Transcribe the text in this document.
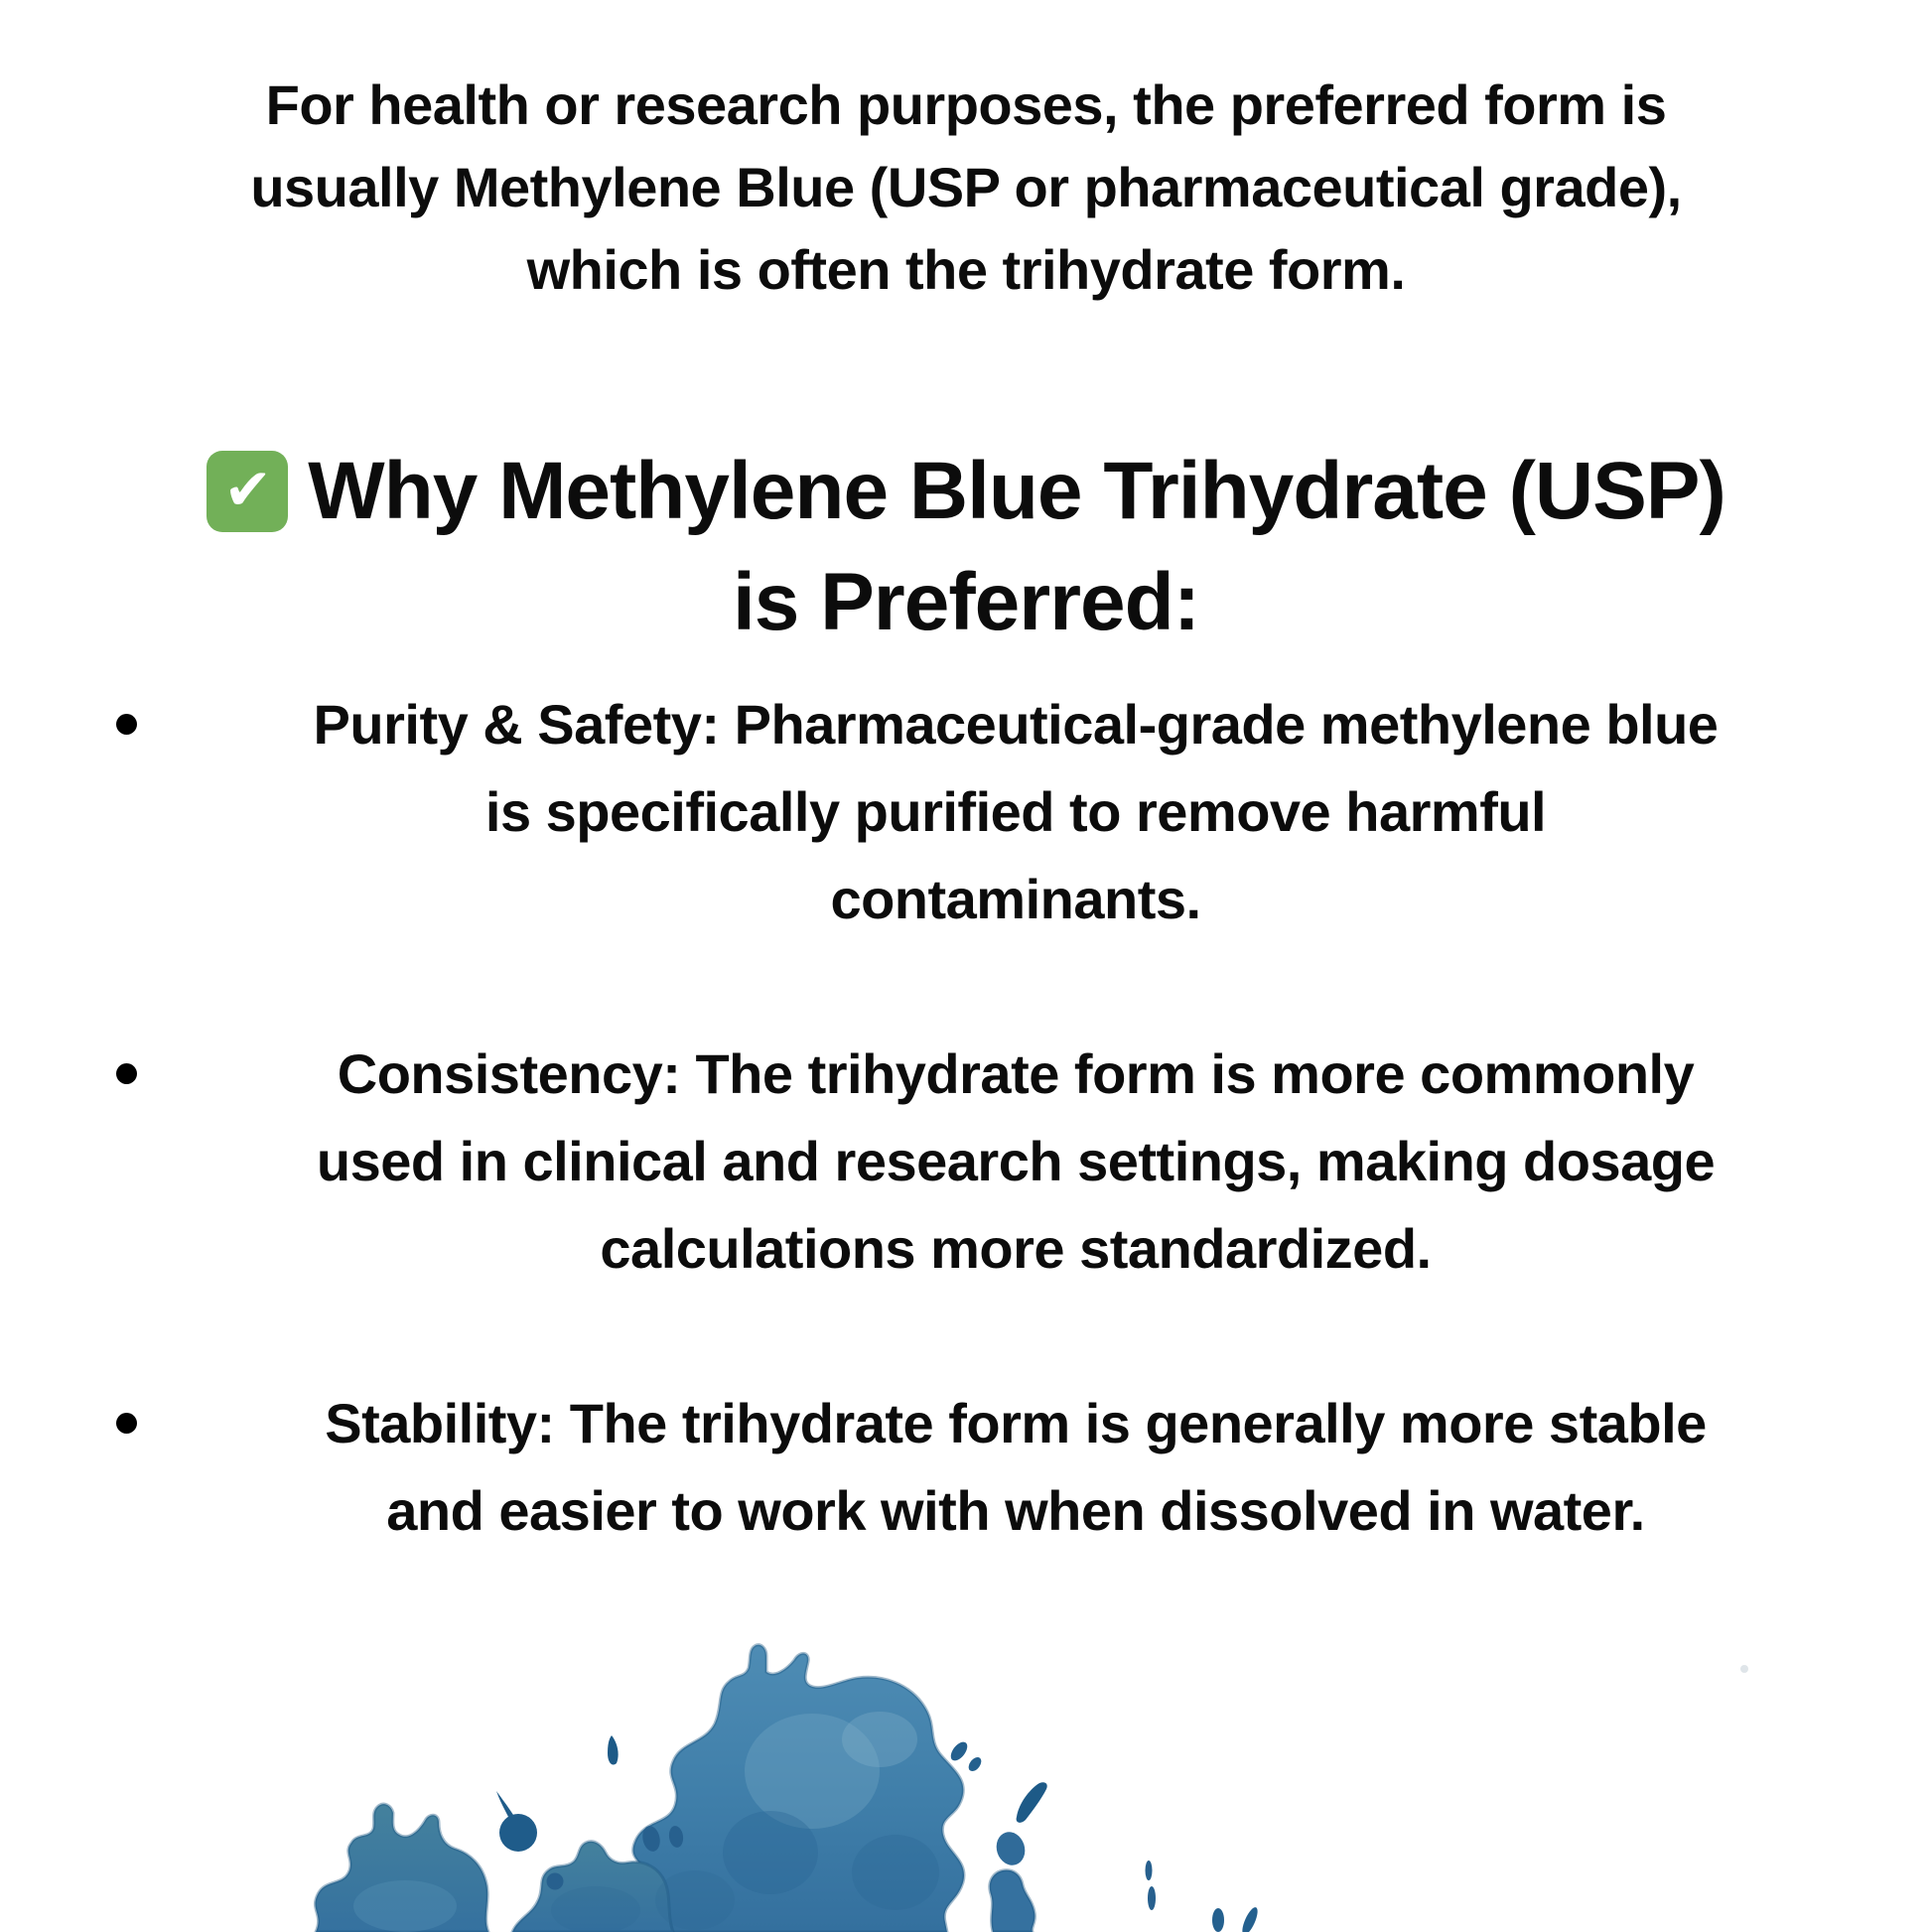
For health or research purposes, the preferred form is
usually Methylene Blue (USP or pharmaceutical grade),
which is often the trihydrate form.
✔ Why Methylene Blue Trihydrate (USP)
is Preferred:
Purity & Safety: Pharmaceutical-grade methylene blue
is specifically purified to remove harmful
contaminants.
Consistency: The trihydrate form is more commonly
used in clinical and research settings, making dosage
calculations more standardized.
Stability: The trihydrate form is generally more stable
and easier to work with when dissolved in water.
